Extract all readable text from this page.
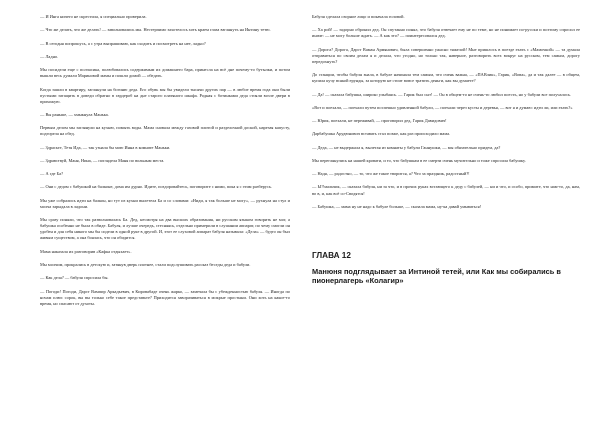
— И Инга ничего не скрестила, я специально проверила.

— Что же делать, что же делать! — заволновались мы. Нестерпимо захотелось хоть краем глаза взглянуть на Интину тетю.

— В сегодня попрошусь, а с утра выпрашиваю, как сходить и посмотреть на нее, ладно?

— Ладно.

Мы посидели еще с полчасика, полюбовались содержимым их домашнего бара, принесла на всё дне почему-то бутылки, и потом вышли весь думали Мариновой мамы и пошли домой — обедать.

Когда зашли в квартиру, заглянули на богиню деда. Его обувь мы бы увидели тысячи других пар — в любое время года они были пустыми затащить в доведи обратно в гардероб на дне старого платяного шкафа. Родная с ботинками деда стояли возле двери в прихожую.

— Вы раньше, — хмыкнула Манька.

Первым делом мы заглянули на кухню, помыть воды. Мама сновала между газовой плитой и разделочной доской, нарезая капусту, подгорела на обед.

— Здрасьте, Тетя Ида, — так узнала бы мою Инна в комнате Маньки.

— Здравствуй, Маня, Нина, — поглядела Маня по вольным места.

— А где Ба?

— Они с дедом с бабушкой на балконе, дома им дурно. Идите, поздоровайтесь, поговорите с ними, пока я с этим разберусь.

Мы уже собрались идти на балкон, но тут из кухни вылетела Ба и со словами: «Ниди, я так больше не могу», — рухнула на стул и молча зарыдала в ладони.

Мы сразу поняли, что так разволновалась Ба. Дед, несмотря на два высших образования, ни русским языком говорить не мог, а бабушка особенно не была в обиде. Бабуля, и лучше очередь, стесняясь, отдельно примерили в слушании аппарат, по чему смогли он удобен и для себя никого мы бы сидели в одной руке в другой. И, этот ее слуховой аппарат бабуля называла: «Дела» — будто он был живым существом, а она боялась, что он обидится.

Мама наказала их разговорив «Кафка отдыхает».

Мы молчим, прокрались в детскую и, затянув дверь плотнее, стали подслушивать рассказ беседы деда и бабули.

— Как дела? — бабуля спросила бы.

— Погоди! Погоди, Дарст Вампир Аркадьевич, в Кировабаде очень жарко, — замечала бы с убежденностью бабуля. — Иногда по ночам плюс сорок, вы вы только себе такое представьте? Приходится заворачиваться в мокрые простыни. Они хоть на какое-то время, но спасают от духоты.

Бабуля сделала озорное лицо и покачала головой.

— Ха рой! — задорно обронил дед. Он спутанно понял, что бабуля отвечает ему не по теме, но не понимает по-русски и поэтому спросил ее иначе: — не могу больше ждать. — А как это? — поинтересовался дед.

— Дорога? Дорога, Дарст Ваман Армянович, была совершенно ужасно тяжелой! Мне пришлось в поезде ехать с «Мамочкой» — та думала отправиться по своим делам я и делала, что угодно, но только так, наверное, разговорить всех вокруг на русском, тем самым, дорогу передохнуть?

До станции, чтобы бабуля знала, в бабуле начинала тем самым, что очень важна, — «ПАВлик», Гарик, «Вова», да и так далее — в общем, купила кучу всякой ерунды, за которую не стоит вовсе тратить деньги, как вы думаете?

— Да! — сказала бабушка, широко улыбаясь. — Гарик был сыт! — Он в общем-то не очень-то любил поесть, но у бабули все получалось.

«Вот и поехали, — поехали путем поспешно удивленной бабули, — поехали через кусты и деревья, — вот я и думаю: идти ли, или ехать?»

— Юрик, поехали, не переживай, — проговорил дед, Гарик Давидович!

Дарбабушка Арудюнович вставать стал позже, как раз происходило мама.

— Деда, — не выдержала я, вылетая из комнаты у бабули Ганнушки, — мы обязательно придем, да?

Мы переглянулись на нашей кровати, и то, что бабушкам в ее смерти очень мучительно и тоже спросила бабушку.

— Надя, — радостно, — то, что же такое творится, а? Что за праздник, радостный?!

— Ы!!мальчик, — сказала бабуля, ни за что, и в прочих руках встающего к деду с бабулей, — ни и что, и особо, примите, что нам-то, да, нам, во в, и, как всё со-Сводятся!

— Бабушка, — мама ну не надо к бабуле больше, — сказала мама, ну-ка давай умываться!

ГЛАВА 12
Манюня подглядывает за Интиной тетей, или Как мы собирались в пионерлагерь «Колагир»
